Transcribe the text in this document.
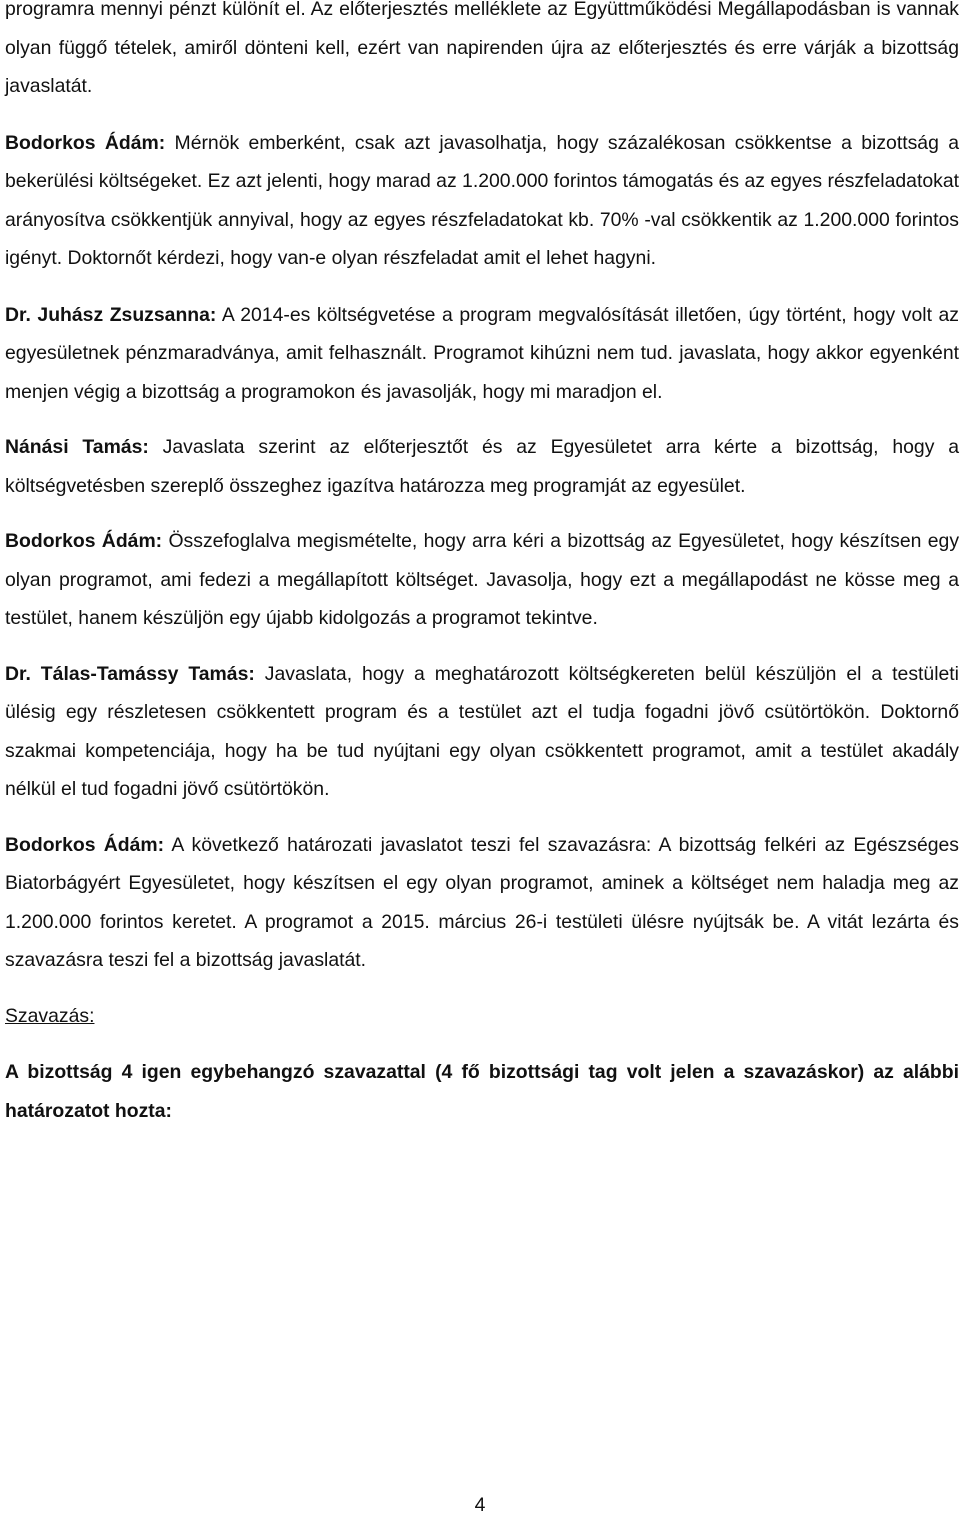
programra mennyi pénzt különít el. Az előterjesztés melléklete az Együttműködési Megállapodásban is vannak olyan függő tételek, amiről dönteni kell, ezért van napirenden újra az előterjesztés és erre várják a bizottság javaslatát.

Bodorkos Ádám: Mérnök emberként, csak azt javasolhatja, hogy százalékosan csökkentse a bizottság a bekerülési költségeket. Ez azt jelenti, hogy marad az 1.200.000 forintos támogatás és az egyes részfeladatokat arányosítva csökkentjük annyival, hogy az egyes részfeladatokat kb. 70% -val csökkentik az 1.200.000 forintos igényt. Doktornőt kérdezi, hogy van-e olyan részfeladat amit el lehet hagyni.

Dr. Juhász Zsuzsanna: A 2014-es költségvetése a program megvalósítását illetően, úgy történt, hogy volt az egyesületnek pénzmaradványa, amit felhasznált. Programot kihúzni nem tud. javaslata, hogy akkor egyenként menjen végig a bizottság a programokon és javasolják, hogy mi maradjon el.

Nánási Tamás: Javaslata szerint az előterjesztőt és az Egyesületet arra kérte a bizottság, hogy a költségvetésben szereplő összeghez igazítva határozza meg programját az egyesület.

Bodorkos Ádám: Összefoglalva megismételte, hogy arra kéri a bizottság az Egyesületet, hogy készítsen egy olyan programot, ami fedezi a megállapított költséget. Javasolja, hogy ezt a megállapodást ne kösse meg a testület, hanem készüljön egy újabb kidolgozás a programot tekintve.

Dr. Tálas-Tamássy Tamás: Javaslata, hogy a meghatározott költségkereten belül készüljön el a testületi ülésig egy részletesen csökkentett program és a testület azt el tudja fogadni jövő csütörtökön. Doktornő szakmai kompetenciája, hogy ha be tud nyújtani egy olyan csökkentett programot, amit a testület akadály nélkül el tud fogadni jövő csütörtökön.

Bodorkos Ádám: A következő határozati javaslatot teszi fel szavazásra: A bizottság felkéri az Egészséges Biatorbágyért Egyesületet, hogy készítsen el egy olyan programot, aminek a költséget nem haladja meg az 1.200.000 forintos keretet. A programot a 2015. március 26-i testületi ülésre nyújtsák be. A vitát lezárta és szavazásra teszi fel a bizottság javaslatát.

Szavazás:

A bizottság 4 igen egybehangzó szavazattal (4 fő bizottsági tag volt jelen a szavazáskor) az alábbi határozatot hozta:

4
